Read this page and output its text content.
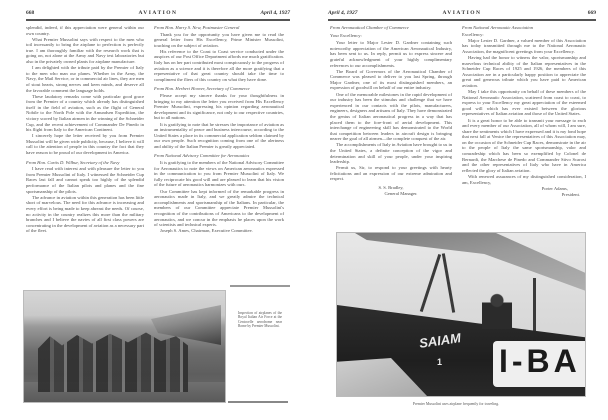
668	AVIATION	April 4, 1927

splendid, indeed, if this appreciation were general within our own country.

What Premier Mussolini says with respect to the men who toil incessantly to bring the airplane to perfection is perfectly true. I am thoroughly familiar with the research work that is going on, not alone at the Army and Navy test laboratories but also in the privately owned plants for airplane manufacture.

I am delighted with the tribute paid by the Premier of Italy to the men who man our planes. Whether in the Army, the Navy, the Mail Service, or in commercial air lines, they are men of stout hearts, strong nerves and keen minds, and deserve all the favorable comment the language holds.

These laudatory remarks come with particular good grace from the Premier of a country which already has distinguished itself in the field of aviation, such as the flight of General Nobile to the North Pole with the Amundsen Expedition, the victory scored by Italian airmen in the winning of the Schneider Cup, and the recent achievement of Commander De Pinedo in his flight from Italy to the American Continent.

I sincerely hope the letter received by you from Premier Mussolini will be given wide publicity, because, I believe it will call to the attention of people in this country the fact that they have reason to be proud of our development in America.

From Hon. Curtis D. Wilbur, Secretary of the Navy

I have read with interest and with pleasure the letter to you from Premier Mussolini of Italy. I witnessed the Schneider Cup Races last fall and cannot speak too highly of the splendid performance of the Italian pilots and planes and the fine sportsmanship of the pilots.

The advance in aviation within this generation has been little short of marvelous. The need for this advance is increasing and every effort is being made to keep abreast the needs. Of course, no activity in the country realizes this more than the military branches and I believe the navies of all first class powers are concentrating in the development of aviation as a necessary part of the fleet.

From Hon. Harry S. New, Postmaster General

Thank you for the opportunity you have given me to read the general letter from His Excellency, Prime Minister Mussolini, touching on the subject of aviation.

His reference to the Coast to Coast service conducted under the auspices of our Post Office Department affords me much gratification. Italy has on her part contributed most conspicuously to the progress of aviation as a science and it is therefore all the more gratifying that a representative of that great country should take the time to compliment the fliers of this country on what they have done.

From Hon. Herbert Hoover, Secretary of Commerce

Please accept my sincere thanks for your thoughtfulness in bringing to my attention the letter you received from His Excellency Premier Mussolini, expressing his opinion regarding aeronautical development and its significance, not only to our respective countries, but to all nations.

It is gratifying to note that he stresses the importance of aviation as an instrumentality of peace and business intercourse, according to the United States a place in its commercial application seldom claimed by our own people. Such recognition coming from one of the alertness and ability of the Italian Premier is greatly appreciated.

From National Advisory Committee for Aeronautics

It is gratifying to the members of the National Advisory Committee for Aeronautics to note the views on American aeronautics expressed in the communication to you from Premier Mussolini of Italy. We fully reciprocate his good will and are pleased to learn that his vision of the future of aeronautics harmonizes with ours.

Our Committee has kept informed of the remarkable progress in aeronautics made in Italy, and we greatly admire the technical accomplishments and sportsmanship of the Italians. In particular, the members of our Committee appreciate Premier Mussolini's recognition of the contributions of Americans to the development of aeronautics, and we concur in the emphasis he places upon the work of scientists and technical experts.

Joseph S. Ames, Chairman, Executive Committee.

Inspection of airplanes of the Royal Italian Air Force at the Centocelle aerodrome near Rome by Premier Mussolini.
April 4, 1927	AVIATION	669

From Aeronautical Chamber of Commerce

Your Excellency:

Your letter to Major Lester D. Gardner containing such noteworthy appreciation of the American Aeronautical Industry, has been sent to us. In reply, permit us to express sincere and grateful acknowledgment of your highly complimentary references to our accomplishments.

The Board of Governors of the Aeronautical Chamber of Commerce was pleased to deliver to you last Spring, through Major Gardner, one of its most distinguished members, an expression of goodwill on behalf of our entire industry.

One of the memorable milestones in the rapid development of our industry has been the stimulus and challenge that we have experienced in our contacts with the pilots, manufacturers, engineers, designers and artisans of Italy. They have demonstrated the genius of Italian aeronautical progress in a way that has placed them to the fore-front of aerial development. This interchange of engineering skill has demonstrated to the World that competition between leaders in aircraft design is bringing nearer the goal of all airmen—the complete conquest of the air.

The accomplishments of Italy in Aviation have brought to us in the United States, a definite conception of the vigor and determination and skill of your people, under your inspiring leadership.

Permit us, Sir, to respond to your greetings with hearty felicitations and an expression of our extreme admiration and respect.

S. S. Bradley,

General Manager.

From National Aeronautic Association

Excellency:

Major Lester D. Gardner, a valued member of this Association has today transmitted through me to the National Aeronautic Association, the magnificent greetings from your Excellency.

Having had the honor to witness the valor, sportsmanship and marvelous technical ability of the Italian representatives in the Schneider Cup Races of 1925 and 1926, the members of this Association are in a particularly happy position to appreciate the great and generous tribute which you have paid to American aviation.

May I take this opportunity on behalf of these members of the National Aeronautic Association, scattered from coast to coast, to express to your Excellency my great appreciation of the esteemed good will which has ever existed between the glorious representatives of Italian aviation and those of the United States.

It is a great honor to be able to transmit your message to each and every member of our Association, all of whom will, I am sure, share the sentiments which I have expressed and it is my fond hope that next fall at Venice the representatives of this Association may, on the occasion of the Schneider Cup Races, demonstrate in the air to the people of Italy the same sportsmanship, valor and comradeship which has been so exemplified by Colonel de Bernardi, the Marchese de Pinedo and Commander Stivo Scarosi and the other representatives of Italy who have in America reflected the glory of Italian aviation.

With renewed assurances of my distinguished consideration, I am, Excellency,

Porter Adams,

President.

SAIAM
1 I-BA
Premier Mussolini uses airplane frequently for traveling.
